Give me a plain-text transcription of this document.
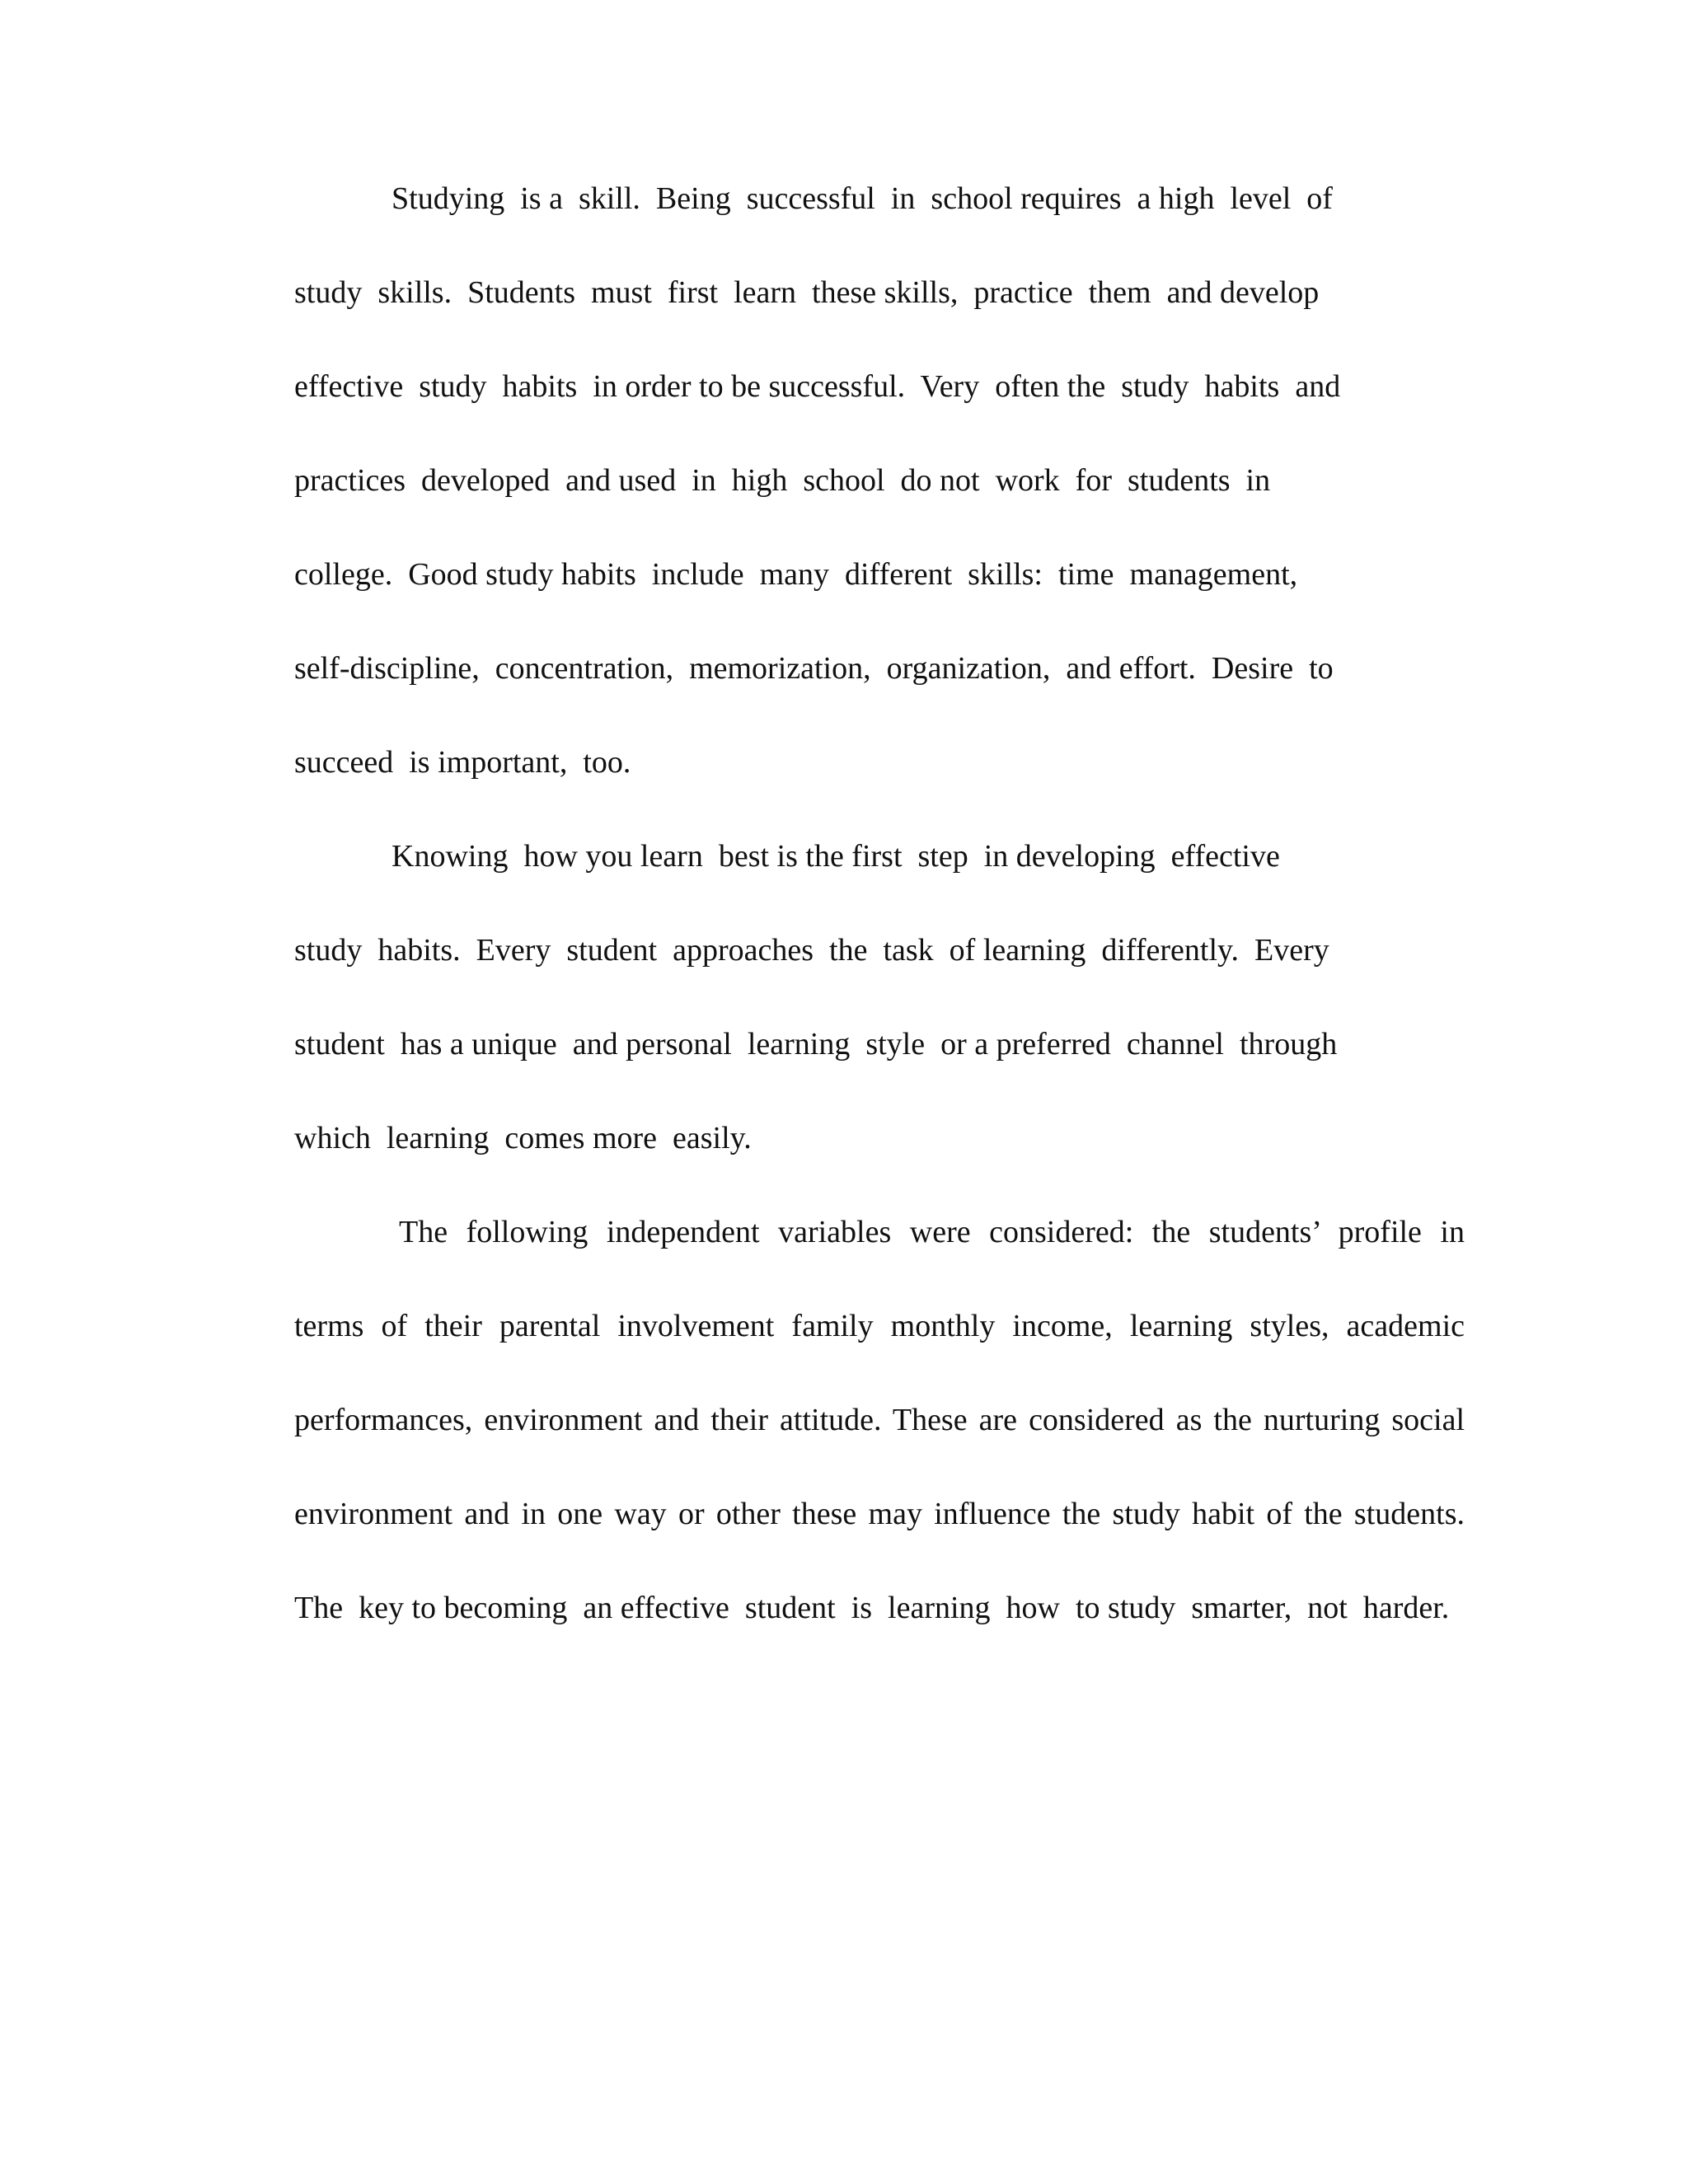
Studying  is a  skill.  Being  successful  in  school requires  a high  level  of
study  skills.  Students  must  first  learn  these skills,  practice  them  and develop
effective  study  habits  in order to be successful.  Very  often the  study  habits  and
practices  developed  and used  in  high  school  do not  work  for  students  in
college.  Good study habits  include  many  different  skills:  time  management,
self-discipline,  concentration,  memorization,  organization,  and effort.  Desire  to
succeed  is important,  too.
Knowing  how you learn  best is the first  step  in developing  effective
study  habits.  Every  student  approaches  the  task  of learning  differently.  Every
student  has a unique  and personal  learning  style  or a preferred  channel  through
which  learning  comes more  easily.
The following independent variables were considered: the students’ profile in
terms of their parental involvement family monthly income, learning styles, academic
performances, environment and their attitude. These are considered as the nurturing social
environment and in one way or other these may influence the study habit of the students.
The  key to becoming  an effective  student  is  learning  how  to study  smarter,  not  harder.
